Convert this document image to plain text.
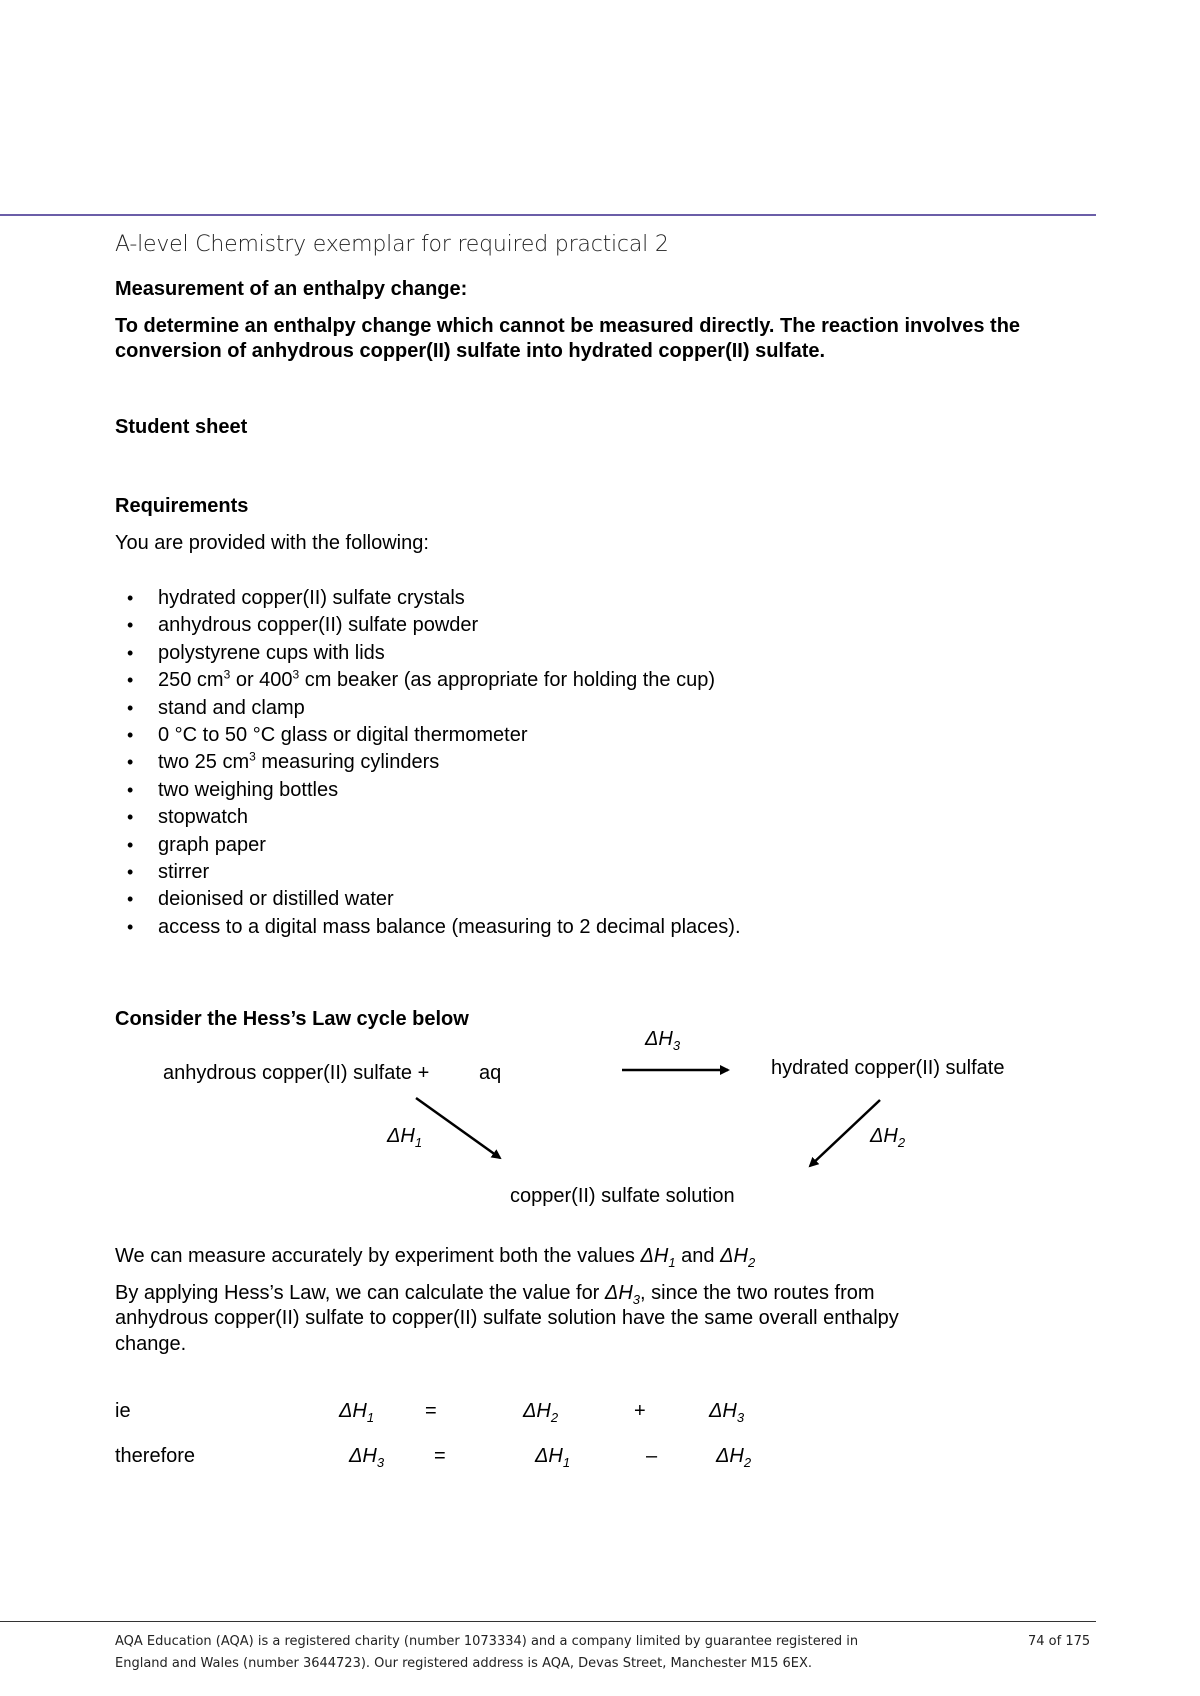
A-level Chemistry exemplar for required practical 2
Measurement of an enthalpy change:
To determine an enthalpy change which cannot be measured directly. The reaction involves the conversion of anhydrous copper(II) sulfate into hydrated copper(II) sulfate.
Student sheet
Requirements
You are provided with the following:
• hydrated copper(II) sulfate crystals
• anhydrous copper(II) sulfate powder
• polystyrene cups with lids
• 250 $cm^3$ or $400^3$ cm beaker (as appropriate for holding the cup)
• stand and clamp
• 0 °C to 50 °C glass or digital thermometer
• two 25 $cm^3$ measuring cylinders
• two weighing bottles
• stopwatch
• graph paper
• stirrer
• deionised or distilled water
• access to a digital mass balance (measuring to 2 decimal places).
Consider the Hess’s Law cycle below
anhydrous copper(II) sulfate + aq	hydrated copper(II) sulfate
copper(II) sulfate solution
$\Delta H_3$
$\Delta H_1$	$\Delta H_2$
We can measure accurately by experiment both the values $\Delta H_1$ and $\Delta H_2$
By applying Hess’s Law, we can calculate the value for $\Delta H_3$, since the two routes from
anhydrous copper(II) sulfate to copper(II) sulfate solution have the same overall enthalpy
change.
ie	$\Delta H_1$	=	$\Delta H_2$	+	$\Delta H_3$
therefore	$\Delta H_3$ =	$\Delta H_1$	–	$\Delta H_2$
AQA Education (AQA) is a registered charity (number 1073334) and a company limited by guarantee registered in
England and Wales (number 3644723). Our registered address is AQA, Devas Street, Manchester M15 6EX.
74 of 175
